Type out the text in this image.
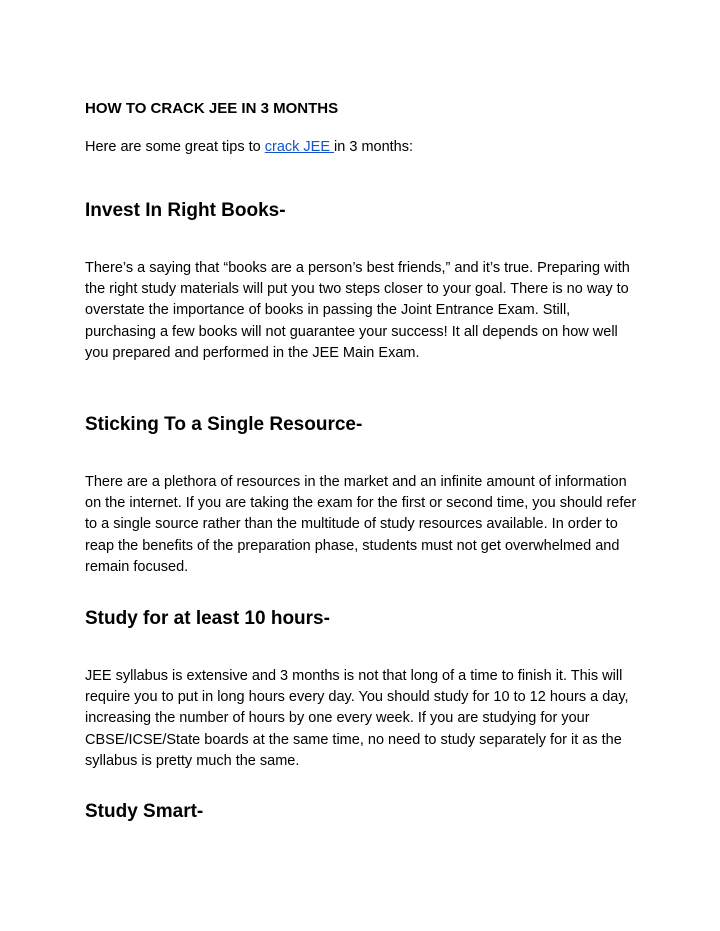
HOW TO CRACK JEE IN 3 MONTHS

Here are some great tips to crack JEE in 3 months:

Invest In Right Books-

There’s a saying that “books are a person’s best friends,” and it’s true. Preparing with the right study materials will put you two steps closer to your goal. There is no way to overstate the importance of books in passing the Joint Entrance Exam. Still, purchasing a few books will not guarantee your success! It all depends on how well you prepared and performed in the JEE Main Exam.

Sticking To a Single Resource-

There are a plethora of resources in the market and an infinite amount of information on the internet. If you are taking the exam for the first or second time, you should refer to a single source rather than the multitude of study resources available. In order to reap the benefits of the preparation phase, students must not get overwhelmed and remain focused.

Study for at least 10 hours-

JEE syllabus is extensive and 3 months is not that long of a time to finish it. This will require you to put in long hours every day. You should study for 10 to 12 hours a day, increasing the number of hours by one every week. If you are studying for your CBSE/ICSE/State boards at the same time, no need to study separately for it as the syllabus is pretty much the same.

Study Smart-
